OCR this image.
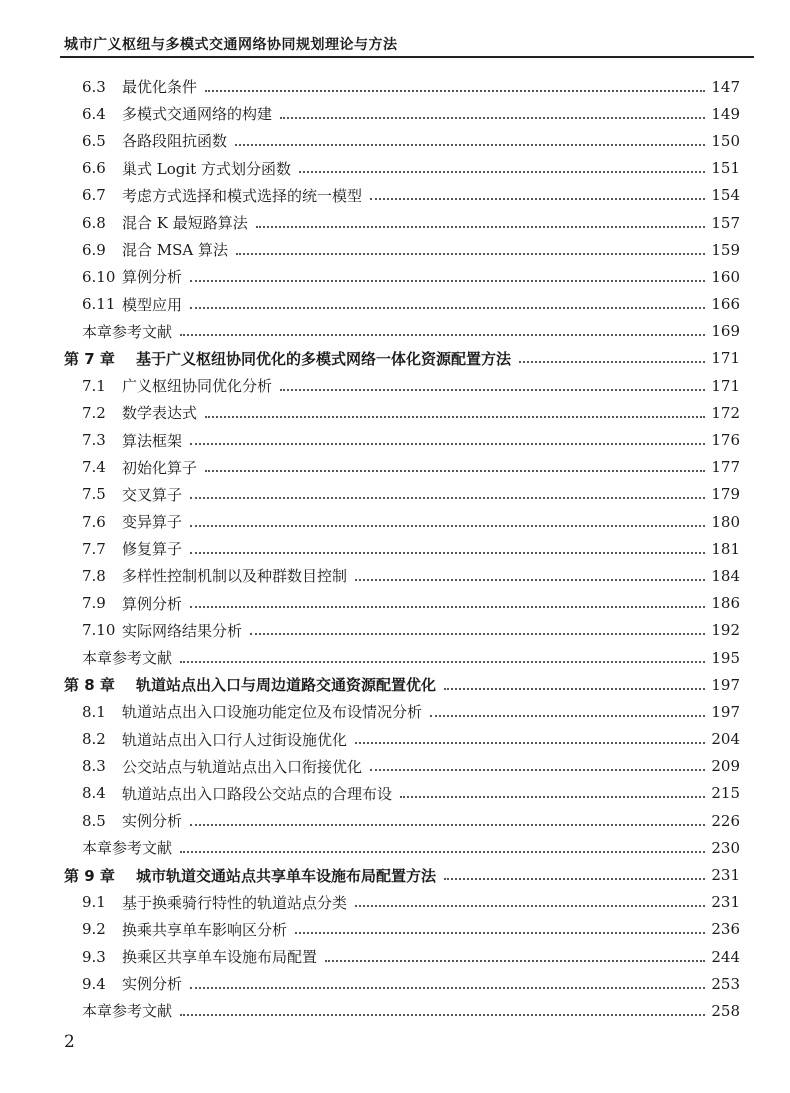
城市广义枢纽与多模式交通网络协同规划理论与方法
6.3	最优化条件	147
6.4	多模式交通网络的构建	149
6.5	各路段阻抗函数	150
6.6	巢式 Logit 方式划分函数	151
6.7	考虑方式选择和模式选择的统一模型	154
6.8	混合 K 最短路算法	157
6.9	混合 MSA 算法	159
6.10 算例分析	160
6.11 模型应用	166
本章参考文献	169
第 7 章	基于广义枢纽协同优化的多模式网络一体化资源配置方法	171
7.1	广义枢纽协同优化分析	171
7.2	数学表达式	172
7.3	算法框架	176
7.4	初始化算子	177
7.5	交叉算子	179
7.6	变异算子	180
7.7	修复算子	181
7.8	多样性控制机制以及种群数目控制	184
7.9	算例分析	186
7.10 实际网络结果分析	192
本章参考文献	195
第 8 章	轨道站点出入口与周边道路交通资源配置优化	197
8.1	轨道站点出入口设施功能定位及布设情况分析	197
8.2	轨道站点出入口行人过街设施优化	204
8.3	公交站点与轨道站点出入口衔接优化	209
8.4	轨道站点出入口路段公交站点的合理布设	215
8.5	实例分析	226
本章参考文献	230
第 9 章	城市轨道交通站点共享单车设施布局配置方法	231
9.1	基于换乘骑行特性的轨道站点分类	231
9.2	换乘共享单车影响区分析	236
9.3	换乘区共享单车设施布局配置	244
9.4	实例分析	253
本章参考文献	258
2
